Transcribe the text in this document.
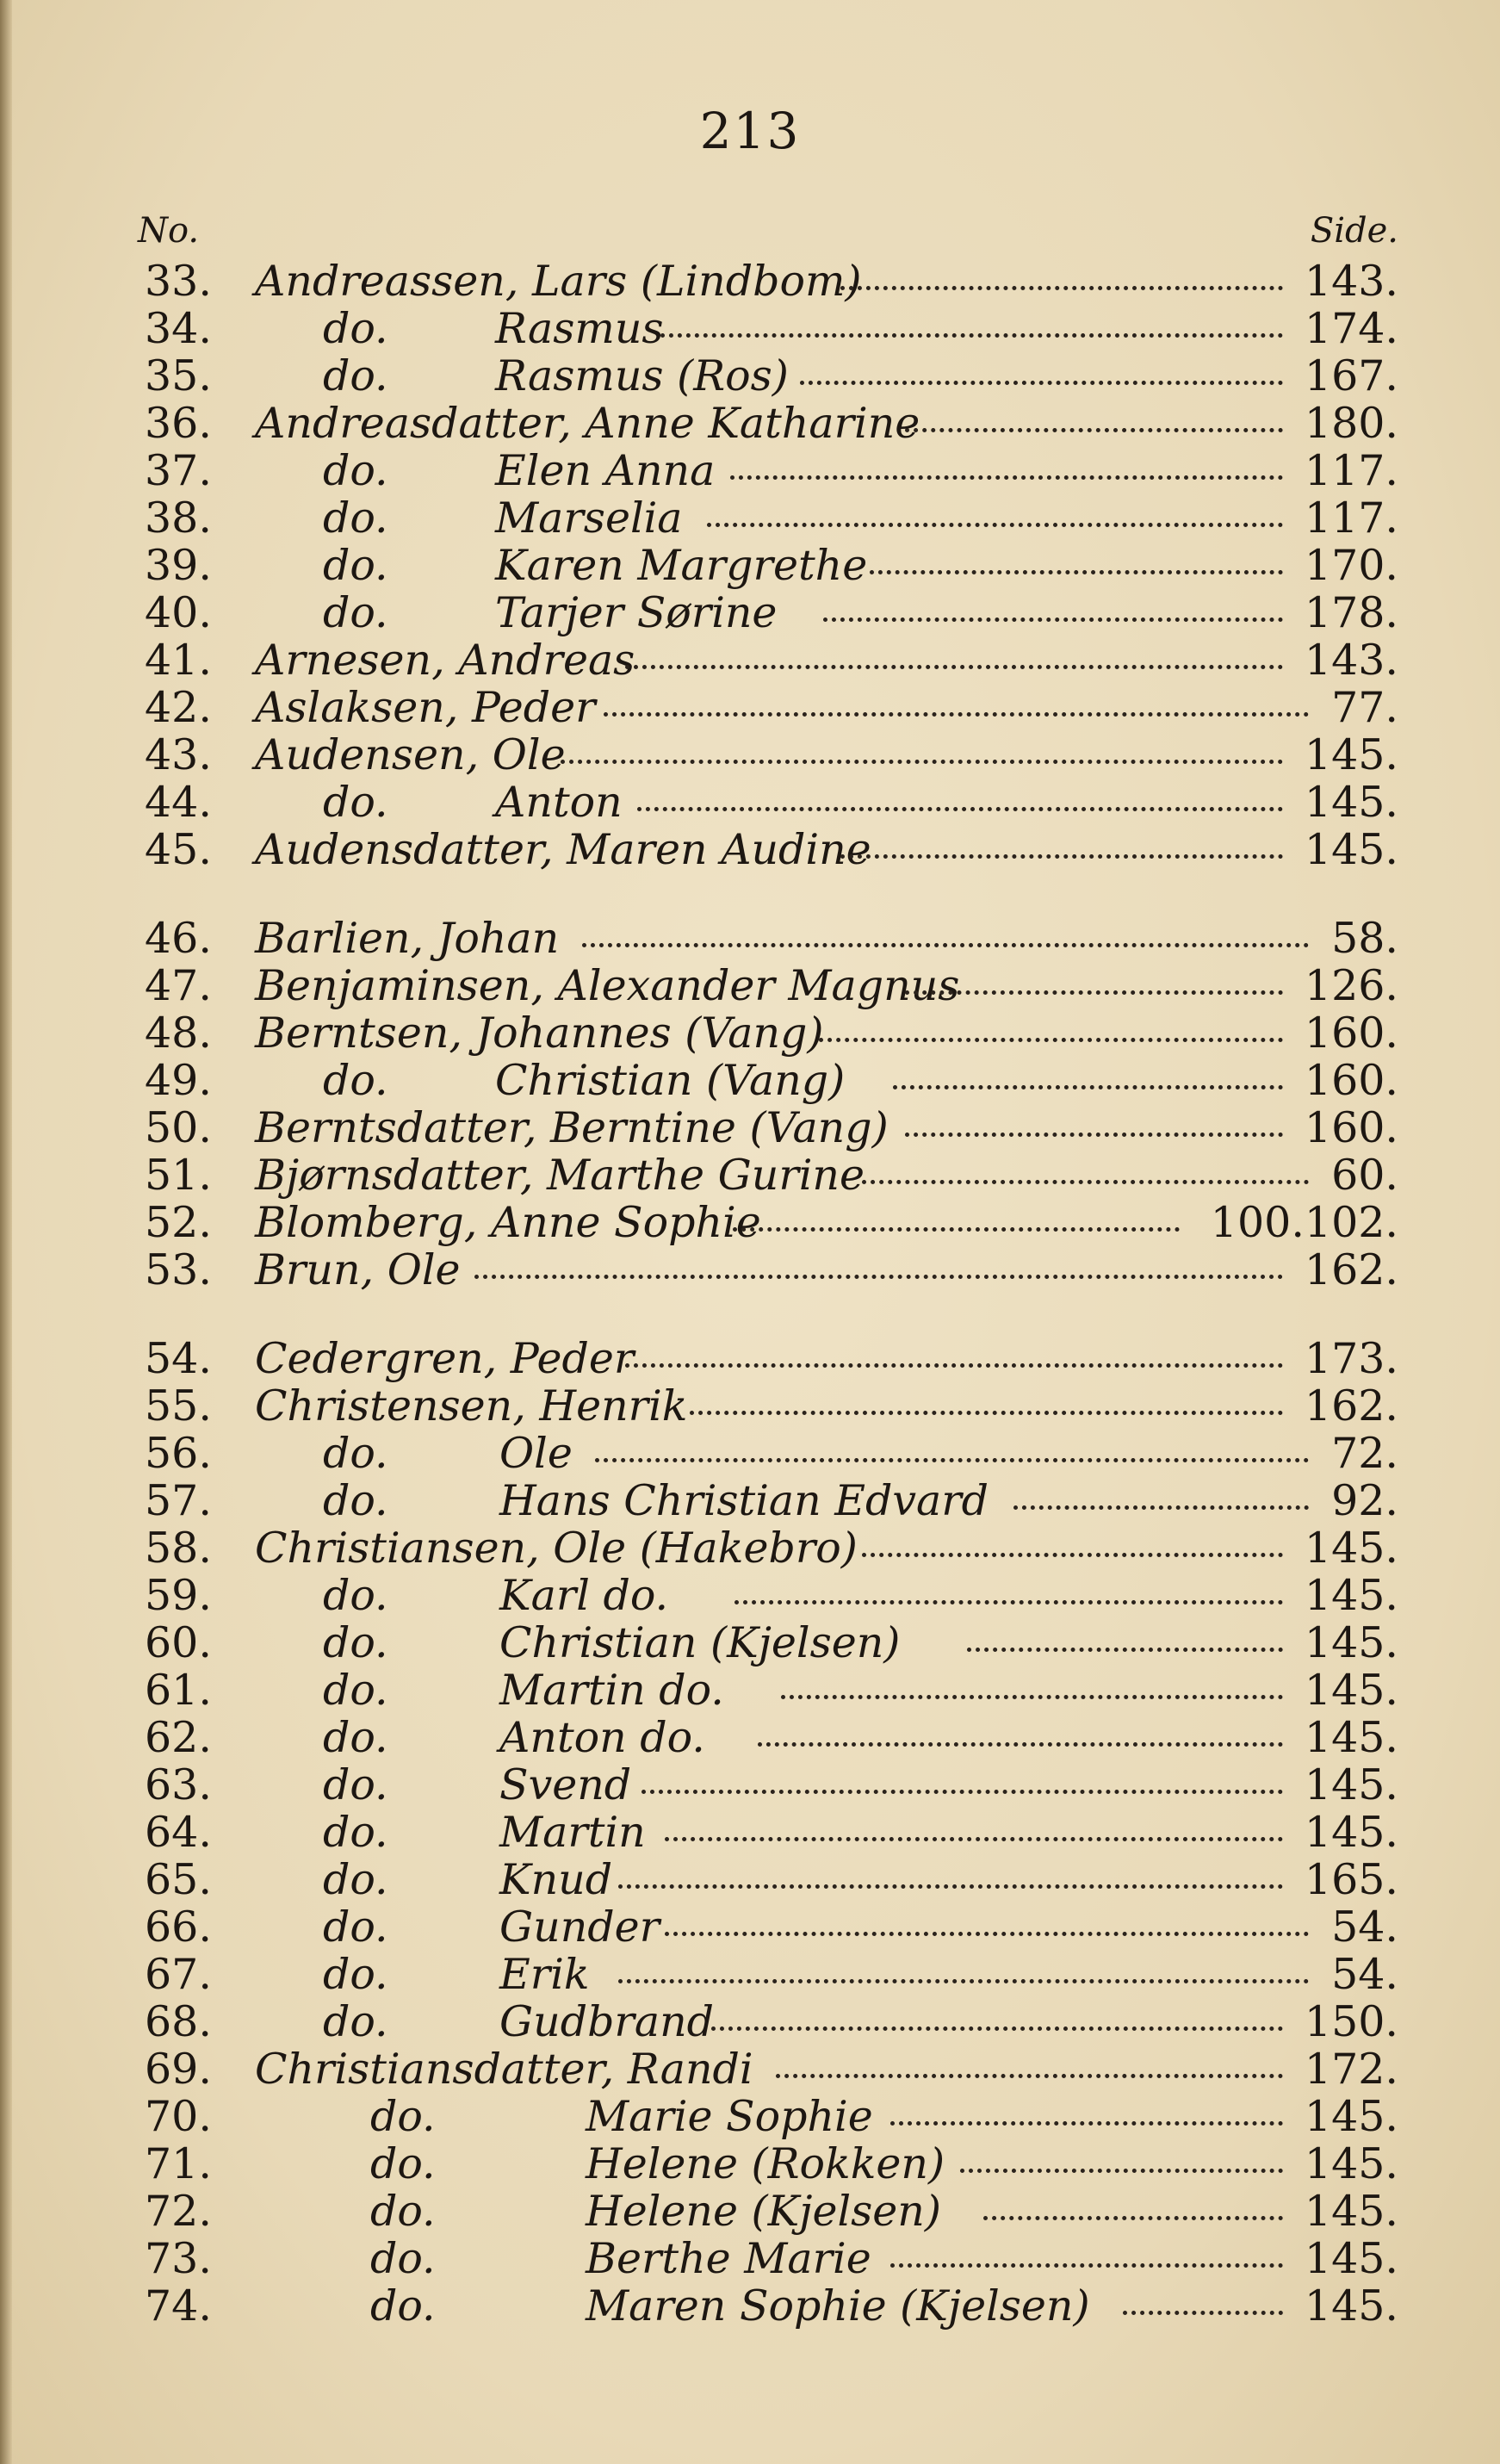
213
No.	Side.
33. Andreassen, Lars (Lindbom)	143.
34.	do.	Rasmus	174.
35.	do.	Rasmus (Ros)	167.
36. Andreasdatter, Anne Katharine	180.
37.	do.	Elen Anna	117.
38.	do.	Marselia	117.
39.	do.	Karen Margrethe	170.
40.	do.	Tarjer Sørine	178.
41. Arnesen, Andreas	143.
42. Aslaksen, Peder	77.
43. Audensen, Ole	145.
44.	do.	Anton	145.
45. Audensdatter, Maren Audine	145.
46. Barlien, Johan	58.
47. Benjaminsen, Alexander Magnus	126.
48. Berntsen, Johannes (Vang)	160.
49.	do.	Christian (Vang)	160.
50. Berntsdatter, Berntine (Vang)	160.
51. Bjørnsdatter, Marthe Gurine	60.
52. Blomberg, Anne Sophie	100.102.
53. Brun, Ole	162.
54. Cedergren, Peder	173.
55. Christensen, Henrik	162.
56.	do.	Ole	72.
57.	do.	Hans Christian Edvard	92.
58. Christiansen, Ole (Hakebro)	145.
59.	do.	Karl do.	145.
60.	do.	Christian (Kjelsen)	145.
61.	do.	Martin do.	145.
62.	do.	Anton do.	145.
63.	do.	Svend	145.
64.	do.	Martin	145.
65.	do.	Knud	165.
66.	do.	Gunder	54.
67.	do.	Erik	54.
68.	do.	Gudbrand	150.
69. Christiansdatter, Randi	172.
70.	do.	Marie Sophie	145.
71.	do.	Helene (Rokken)	145.
72.	do.	Helene (Kjelsen)	145.
73.	do.	Berthe Marie	145.
74.	do.	Maren Sophie (Kjelsen)	145.
